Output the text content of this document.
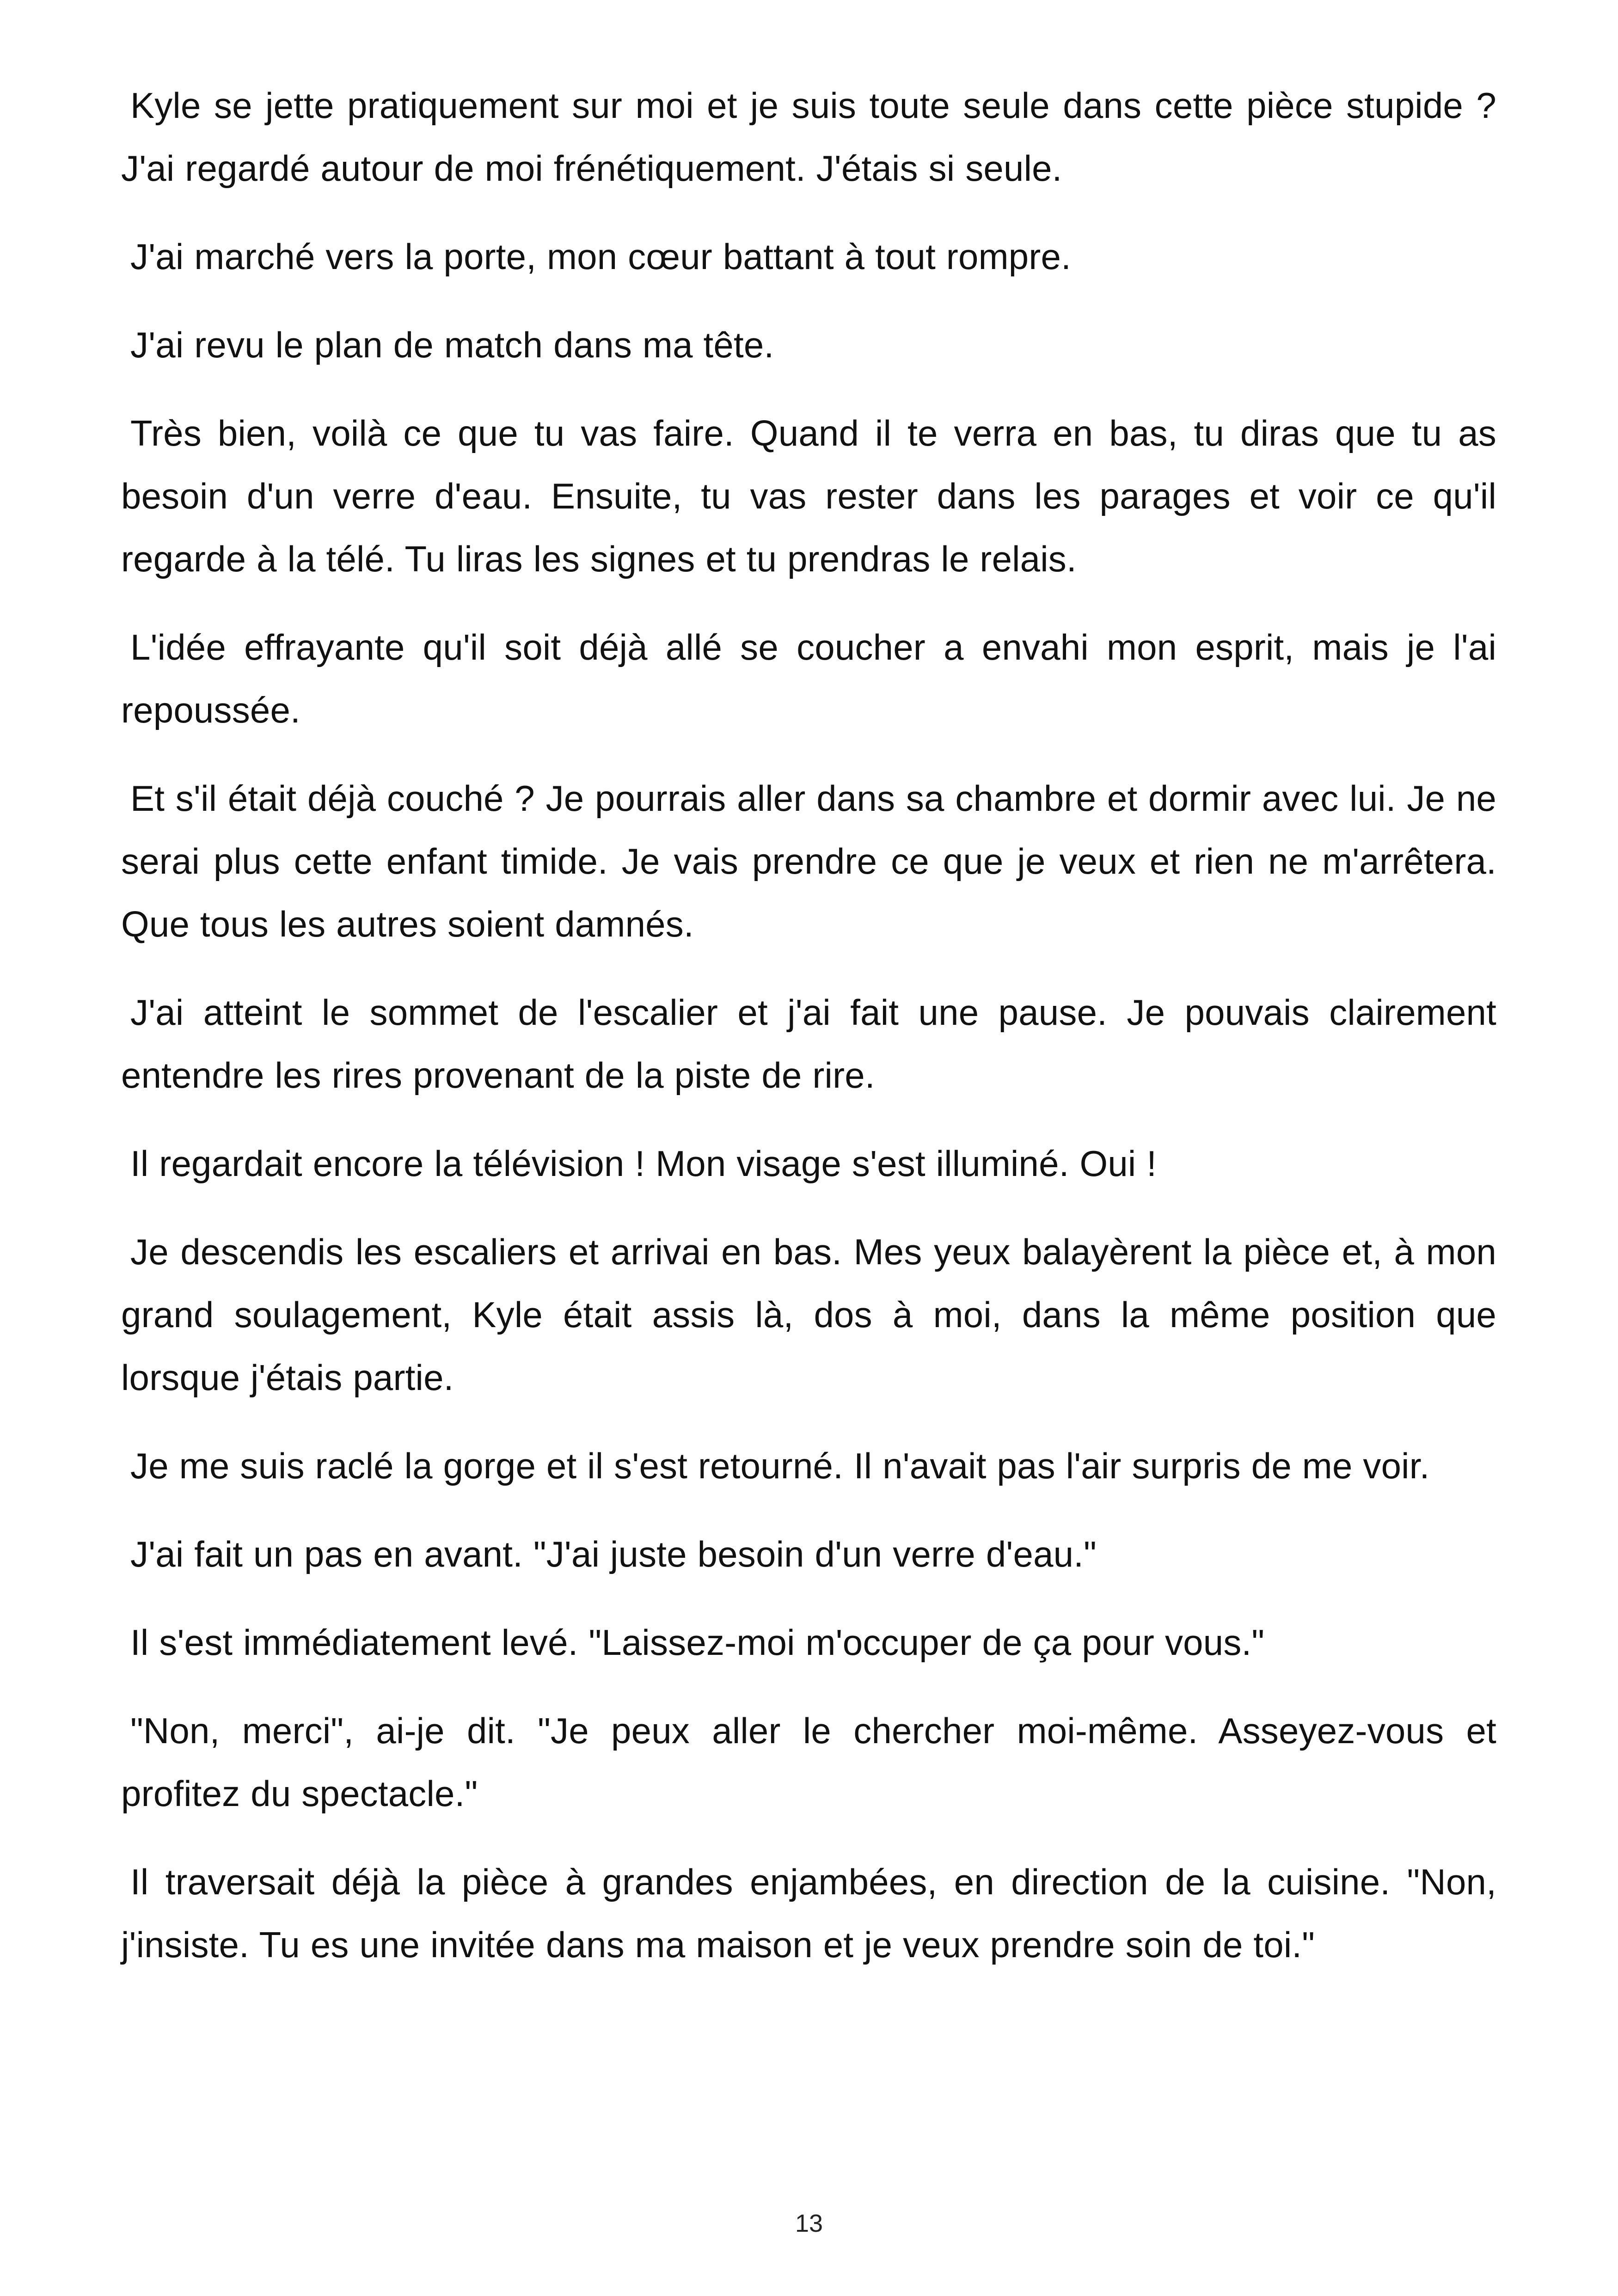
Kyle se jette pratiquement sur moi et je suis toute seule dans cette pièce stupide ? J'ai regardé autour de moi frénétiquement. J'étais si seule.

J'ai marché vers la porte, mon cœur battant à tout rompre.

J'ai revu le plan de match dans ma tête.

Très bien, voilà ce que tu vas faire. Quand il te verra en bas, tu diras que tu as besoin d'un verre d'eau. Ensuite, tu vas rester dans les parages et voir ce qu'il regarde à la télé. Tu liras les signes et tu prendras le relais.

L'idée effrayante qu'il soit déjà allé se coucher a envahi mon esprit, mais je l'ai repoussée.

Et s'il était déjà couché ? Je pourrais aller dans sa chambre et dormir avec lui. Je ne serai plus cette enfant timide. Je vais prendre ce que je veux et rien ne m'arrêtera. Que tous les autres soient damnés.

J'ai atteint le sommet de l'escalier et j'ai fait une pause. Je pouvais clairement entendre les rires provenant de la piste de rire.

Il regardait encore la télévision ! Mon visage s'est illuminé. Oui !

Je descendis les escaliers et arrivai en bas. Mes yeux balayèrent la pièce et, à mon grand soulagement, Kyle était assis là, dos à moi, dans la même position que lorsque j'étais partie.

Je me suis raclé la gorge et il s'est retourné. Il n'avait pas l'air surpris de me voir.

J'ai fait un pas en avant. "J'ai juste besoin d'un verre d'eau."

Il s'est immédiatement levé. "Laissez-moi m'occuper de ça pour vous."

"Non, merci", ai-je dit. "Je peux aller le chercher moi-même. Asseyez-vous et profitez du spectacle."

Il traversait déjà la pièce à grandes enjambées, en direction de la cuisine. "Non, j'insiste. Tu es une invitée dans ma maison et je veux prendre soin de toi."

13
